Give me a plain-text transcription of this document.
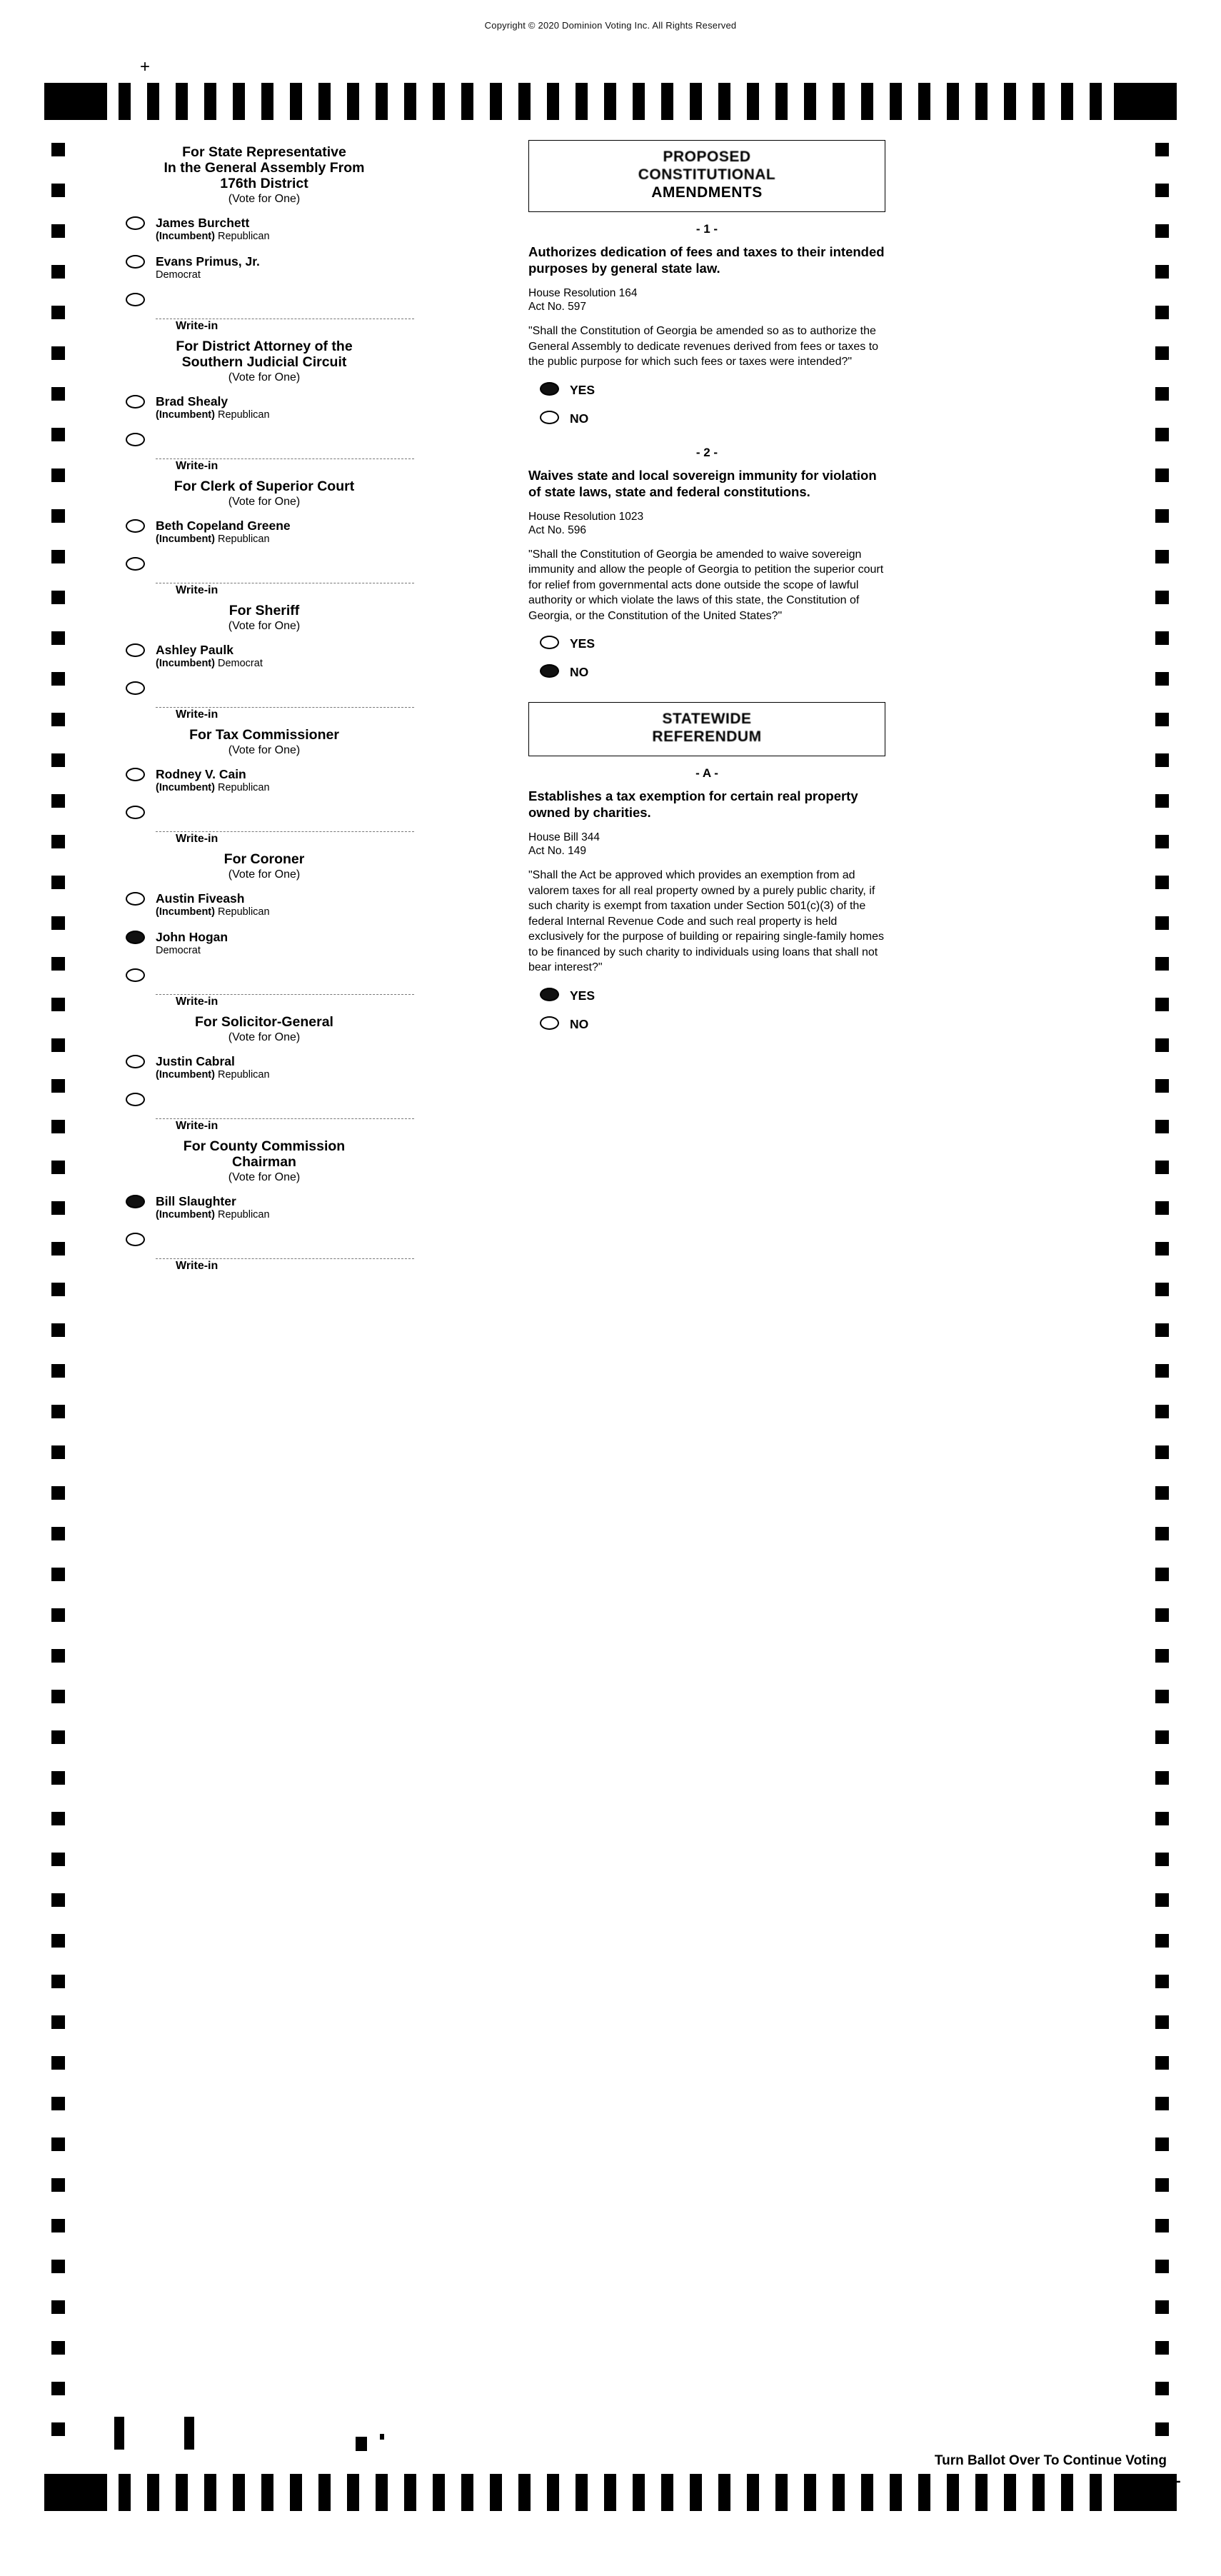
Copyright © 2020 Dominion Voting Inc. All Rights Reserved
+
For State Representative
In the General Assembly From
176th District
(Vote for One)
James Burchett
(Incumbent) Republican
Evans Primus, Jr.
Democrat
Write-in
For District Attorney of the
Southern Judicial Circuit
(Vote for One)
Brad Shealy
(Incumbent) Republican
Write-in
For Clerk of Superior Court
(Vote for One)
Beth Copeland Greene
(Incumbent) Republican
Write-in
For Sheriff
(Vote for One)
Ashley Paulk
(Incumbent) Democrat
Write-in
For Tax Commissioner
(Vote for One)
Rodney V. Cain
(Incumbent) Republican
Write-in
For Coroner
(Vote for One)
Austin Fiveash
(Incumbent) Republican
John Hogan
Democrat
Write-in
For Solicitor-General
(Vote for One)
Justin Cabral
(Incumbent) Republican
Write-in
For County Commission
Chairman
(Vote for One)
Bill Slaughter
(Incumbent) Republican
Write-in
PROPOSED
CONSTITUTIONAL
AMENDMENTS
- 1 -
Authorizes dedication of fees and taxes to their intended purposes by general state law.
House Resolution 164
Act No. 597
"Shall the Constitution of Georgia be amended so as to authorize the General Assembly to dedicate revenues derived from fees or taxes to the public purpose for which such fees or taxes were intended?"
YES
NO
- 2 -
Waives state and local sovereign immunity for violation of state laws, state and federal constitutions.
House Resolution 1023
Act No. 596
"Shall the Constitution of Georgia be amended to waive sovereign immunity and allow the people of Georgia to petition the superior court for relief from governmental acts done outside the scope of lawful authority or which violate the laws of this state, the Constitution of Georgia, or the Constitution of the United States?"
YES
NO
STATEWIDE
REFERENDUM
- A -
Establishes a tax exemption for certain real property owned by charities.
House Bill 344
Act No. 149
"Shall the Act be approved which provides an exemption from ad valorem taxes for all real property owned by a purely public charity, if such charity is exempt from taxation under Section 501(c)(3) of the federal Internal Revenue Code and such real property is held exclusively for the purpose of building or repairing single-family homes to be financed by such charity to individuals using loans that shall not bear interest?"
YES
NO
Turn Ballot Over To Continue Voting
✛
